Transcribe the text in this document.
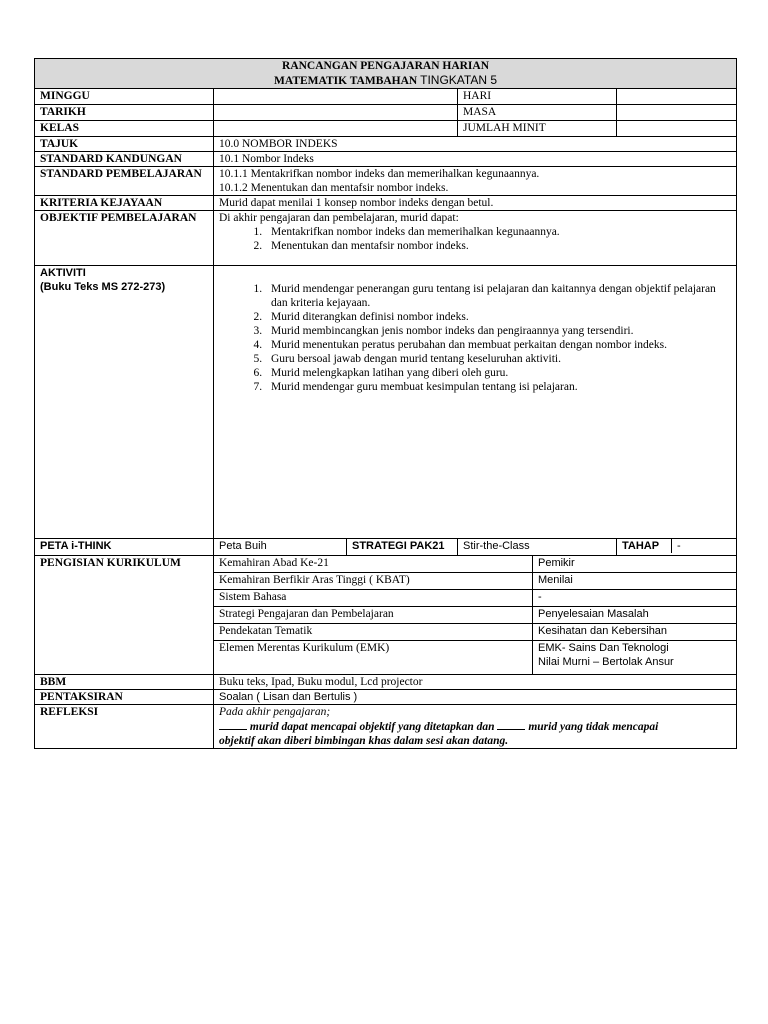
RANCANGAN PENGAJARAN HARIAN
MATEMATIK TAMBAHAN TINGKATAN 5

MINGGU		HARI	
TARIKH		MASA	
KELAS		JUMLAH MINIT	
TAJUK	10.0 NOMBOR INDEKS
STANDARD KANDUNGAN	10.1 Nombor Indeks
STANDARD PEMBELAJARAN	10.1.1 Mentakrifkan nombor indeks dan memerihalkan kegunaannya.
10.1.2 Menentukan dan mentafsir nombor indeks.

KRITERIA KEJAYAAN	Murid dapat menilai 1 konsep nombor indeks dengan betul.
OBJEKTIF PEMBELAJARAN	Di akhir pengajaran dan pembelajaran, murid dapat:
1. Mentakrifkan nombor indeks dan memerihalkan kegunaannya.
2. Menentukan dan mentafsir nombor indeks.

AKTIVITI
(Buku Teks MS 272-273)

1.Murid mendengar penerangan guru tentang isi pelajaran dan kaitannya dengan objektif pelajaran dan kriteria kejayaan.
2. Murid diterangkan definisi nombor indeks.
3. Murid membincangkan jenis nombor indeks dan pengiraannya yang tersendiri.
4. Murid menentukan peratus perubahan dan membuat perkaitan dengan nombor indeks.
5. Guru bersoal jawab dengan murid tentang keseluruhan aktiviti.
6. Murid melengkapkan latihan yang diberi oleh guru.
7. Murid mendengar guru membuat kesimpulan tentang isi pelajaran.

PETA i-THINK	Peta Buih	STRATEGI PAK21	Stir-the-Class		TAHAP	-

PENGISIAN KURIKULUM	Kemahiran Abad Ke-21	Pemikir
Kemahiran Berfikir Aras Tinggi ( KBAT)	Menilai
Sistem Bahasa	-
Strategi Pengajaran dan Pembelajaran	Penyelesaian Masalah
Pendekatan Tematik	Kesihatan dan Kebersihan
Elemen Merentas Kurikulum (EMK)	EMK- Sains Dan Teknologi
Nilai Murni – Bertolak Ansur

BBM	Buku teks, Ipad, Buku modul, Lcd projector
PENTAKSIRAN	Soalan ( Lisan dan Bertulis )
REFLEKSI	Pada akhir pengajaran;
murid dapat mencapai objektif yang ditetapkan dan	murid yang tidak mencapai
objektif akan diberi bimbingan khas dalam sesi akan datang.
